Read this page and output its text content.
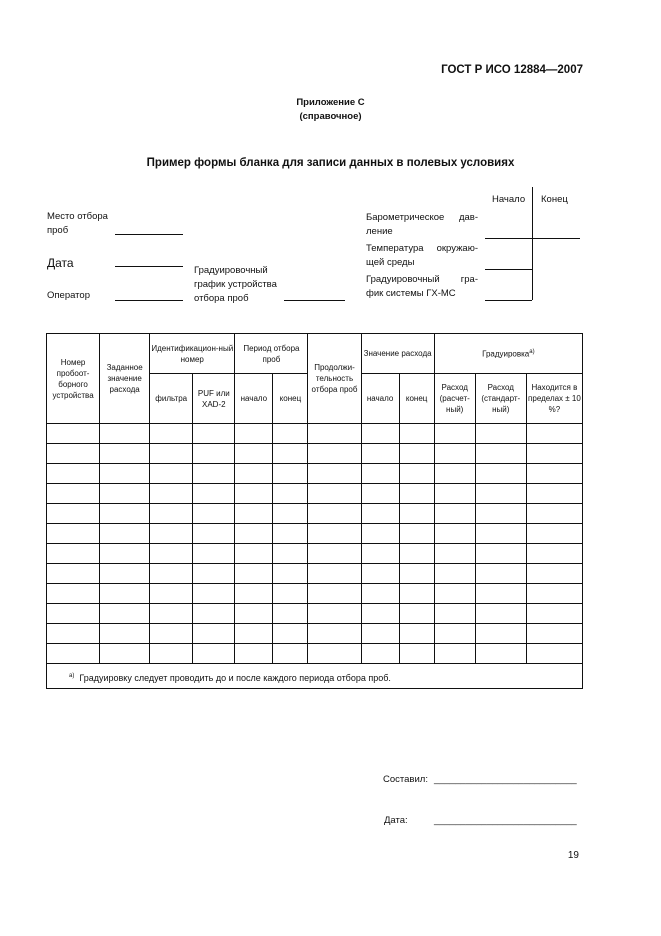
ГОСТ Р ИСО 12884—2007
Приложение C
(справочное)
Пример формы бланка для записи данных в полевых условиях
Место отбора
проб
Дата
Оператор
Градуировочный
график устройства
отбора проб
Начало Конец
Барометрическое дав-
ление
Температура окружаю-
щей среды
Градуировочный гра-
фик системы ГХ-МС
Номер пробоот-борного устройства	Заданное значение расхода	Идентификацион-ный номер		Период отбора проб		Продолжи-тельность отбора проб	Значение расхода		Градуировка$^{a)}$
		фильтра	PUF или XAD-2	начало	конец		начало	конец	Расход (расчет-ный)	Расход (стандарт-ный)	Находится в пределах ± 10 %?

$^{a)}$ Градуировку следует проводить до и после каждого периода отбора проб.											
Составил: ___________________________
Дата:	___________________________
19
